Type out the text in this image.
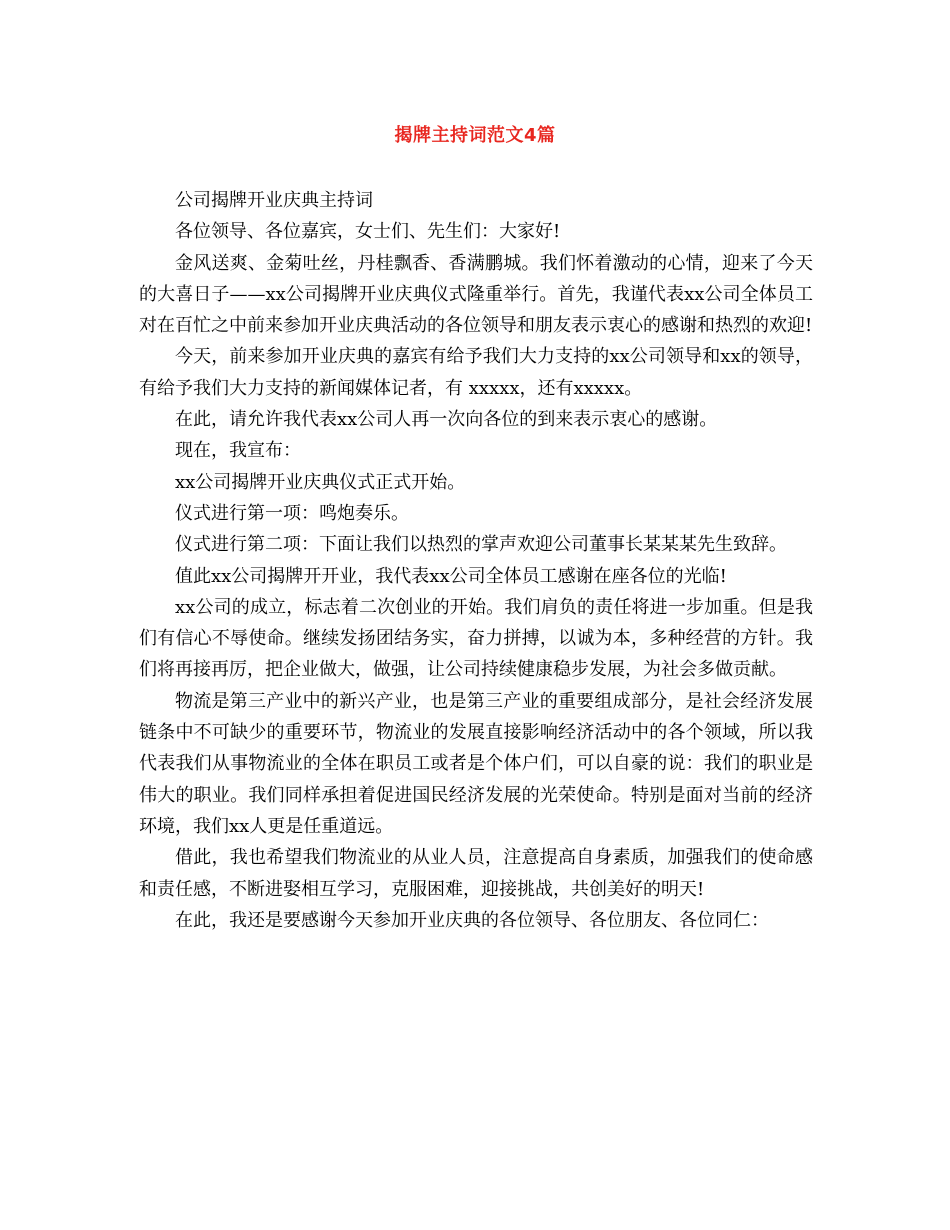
揭牌主持词范文4篇

公司揭牌开业庆典主持词

各位领导、各位嘉宾，女士们、先生们：大家好!

金风送爽、金菊吐丝，丹桂飘香、香满鹏城。我们怀着激动的心情，迎来了今天的大喜日子——xx公司揭牌开业庆典仪式隆重举行。首先，我谨代表xx公司全体员工对在百忙之中前来参加开业庆典活动的各位领导和朋友表示衷心的感谢和热烈的欢迎!

今天，前来参加开业庆典的嘉宾有给予我们大力支持的xx公司领导和xx的领导，有给予我们大力支持的新闻媒体记者，有 xxxxx，还有xxxxx。

在此，请允许我代表xx公司人再一次向各位的到来表示衷心的感谢。

现在，我宣布：

xx公司揭牌开业庆典仪式正式开始。

仪式进行第一项：鸣炮奏乐。

仪式进行第二项：下面让我们以热烈的掌声欢迎公司董事长某某某先生致辞。

值此xx公司揭牌开开业，我代表xx公司全体员工感谢在座各位的光临!

xx公司的成立，标志着二次创业的开始。我们肩负的责任将进一步加重。但是我们有信心不辱使命。继续发扬团结务实，奋力拼搏，以诚为本，多种经营的方针。我们将再接再厉，把企业做大，做强，让公司持续健康稳步发展，为社会多做贡献。

物流是第三产业中的新兴产业，也是第三产业的重要组成部分，是社会经济发展链条中不可缺少的重要环节，物流业的发展直接影响经济活动中的各个领域，所以我代表我们从事物流业的全体在职员工或者是个体户们，可以自豪的说：我们的职业是伟大的职业。我们同样承担着促进国民经济发展的光荣使命。特别是面对当前的经济环境，我们xx人更是任重道远。

借此，我也希望我们物流业的从业人员，注意提高自身素质，加强我们的使命感和责任感，不断进娶相互学习，克服困难，迎接挑战，共创美好的明天!

在此，我还是要感谢今天参加开业庆典的各位领导、各位朋友、各位同仁：
